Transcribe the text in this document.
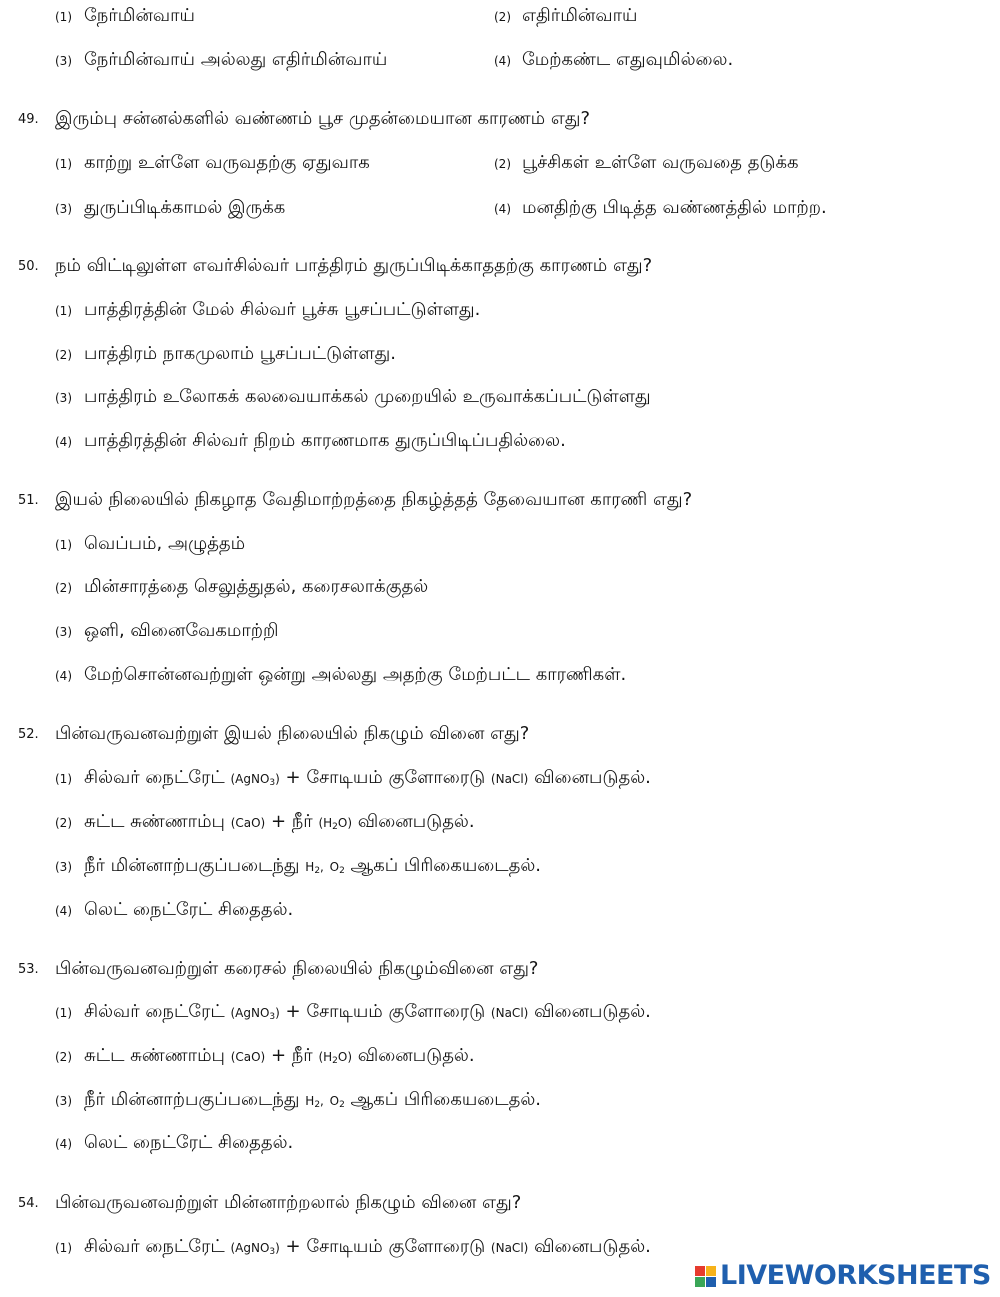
(1) நேர்மின்வாய்	(2) எதிர்மின்வாய்
(3) நேர்மின்வாய் அல்லது எதிர்மின்வாய்	(4) மேற்கண்ட எதுவுமில்லை.
49. இரும்பு சன்னல்களில் வண்ணம் பூச முதன்மையான காரணம் எது?
(1) காற்று உள்ளே வருவதற்கு ஏதுவாக	(2) பூச்சிகள் உள்ளே வருவதை தடுக்க
(3) துருப்பிடிக்காமல் இருக்க	(4) மனதிற்கு பிடித்த வண்ணத்தில் மாற்ற.
50. நம் விட்டிலுள்ள எவர்சில்வர் பாத்திரம் துருப்பிடிக்காததற்கு காரணம் எது?
(1) பாத்திரத்தின் மேல் சில்வர் பூச்சு பூசப்பட்டுள்ளது.
(2) பாத்திரம் நாகமுலாம் பூசப்பட்டுள்ளது.
(3) பாத்திரம் உலோகக் கலவையாக்கல் முறையில் உருவாக்கப்பட்டுள்ளது
(4) பாத்திரத்தின் சில்வர் நிறம் காரணமாக துருப்பிடிப்பதில்லை.
51. இயல் நிலையில் நிகழாத வேதிமாற்றத்தை நிகழ்த்தத் தேவையான காரணி எது?
(1) வெப்பம், அழுத்தம்
(2) மின்சாரத்தை செலுத்துதல், கரைசலாக்குதல்
(3) ஒளி, வினைவேகமாற்றி
(4) மேற்சொன்னவற்றுள் ஒன்று அல்லது அதற்கு மேற்பட்ட காரணிகள்.
52. பின்வருவனவற்றுள் இயல் நிலையில் நிகழும் வினை எது?
(1) சில்வர் நைட்ரேட் (AgNO$_3$) + சோடியம் குளோரைடு (NaCl) வினைபடுதல்.
(2) சுட்ட சுண்ணாம்பு (CaO) + நீர் $(H_2O)$ வினைபடுதல்.
(3) நீர் மின்னாற்பகுப்படைந்து $H_2$, $O_2$ ஆகப் பிரிகையடைதல்.
(4) லெட் நைட்ரேட் சிதைதல்.
53. பின்வருவனவற்றுள் கரைசல் நிலையில் நிகழும்வினை எது?
(1) சில்வர் நைட்ரேட் (AgNO$_3$) + சோடியம் குளோரைடு (NaCl) வினைபடுதல்.
(2) சுட்ட சுண்ணாம்பு (CaO) + நீர் $(H_2O)$ வினைபடுதல்.
(3) நீர் மின்னாற்பகுப்படைந்து $H_2$, $O_2$ ஆகப் பிரிகையடைதல்.
(4) லெட் நைட்ரேட் சிதைதல்.
54. பின்வருவனவற்றுள் மின்னாற்றலால் நிகழும் வினை எது?
(1) சில்வர் நைட்ரேட் (AgNO$_3$) + சோடியம் குளோரைடு (NaCl) வினைபடுதல்.
LIVEWORKSHEETS
